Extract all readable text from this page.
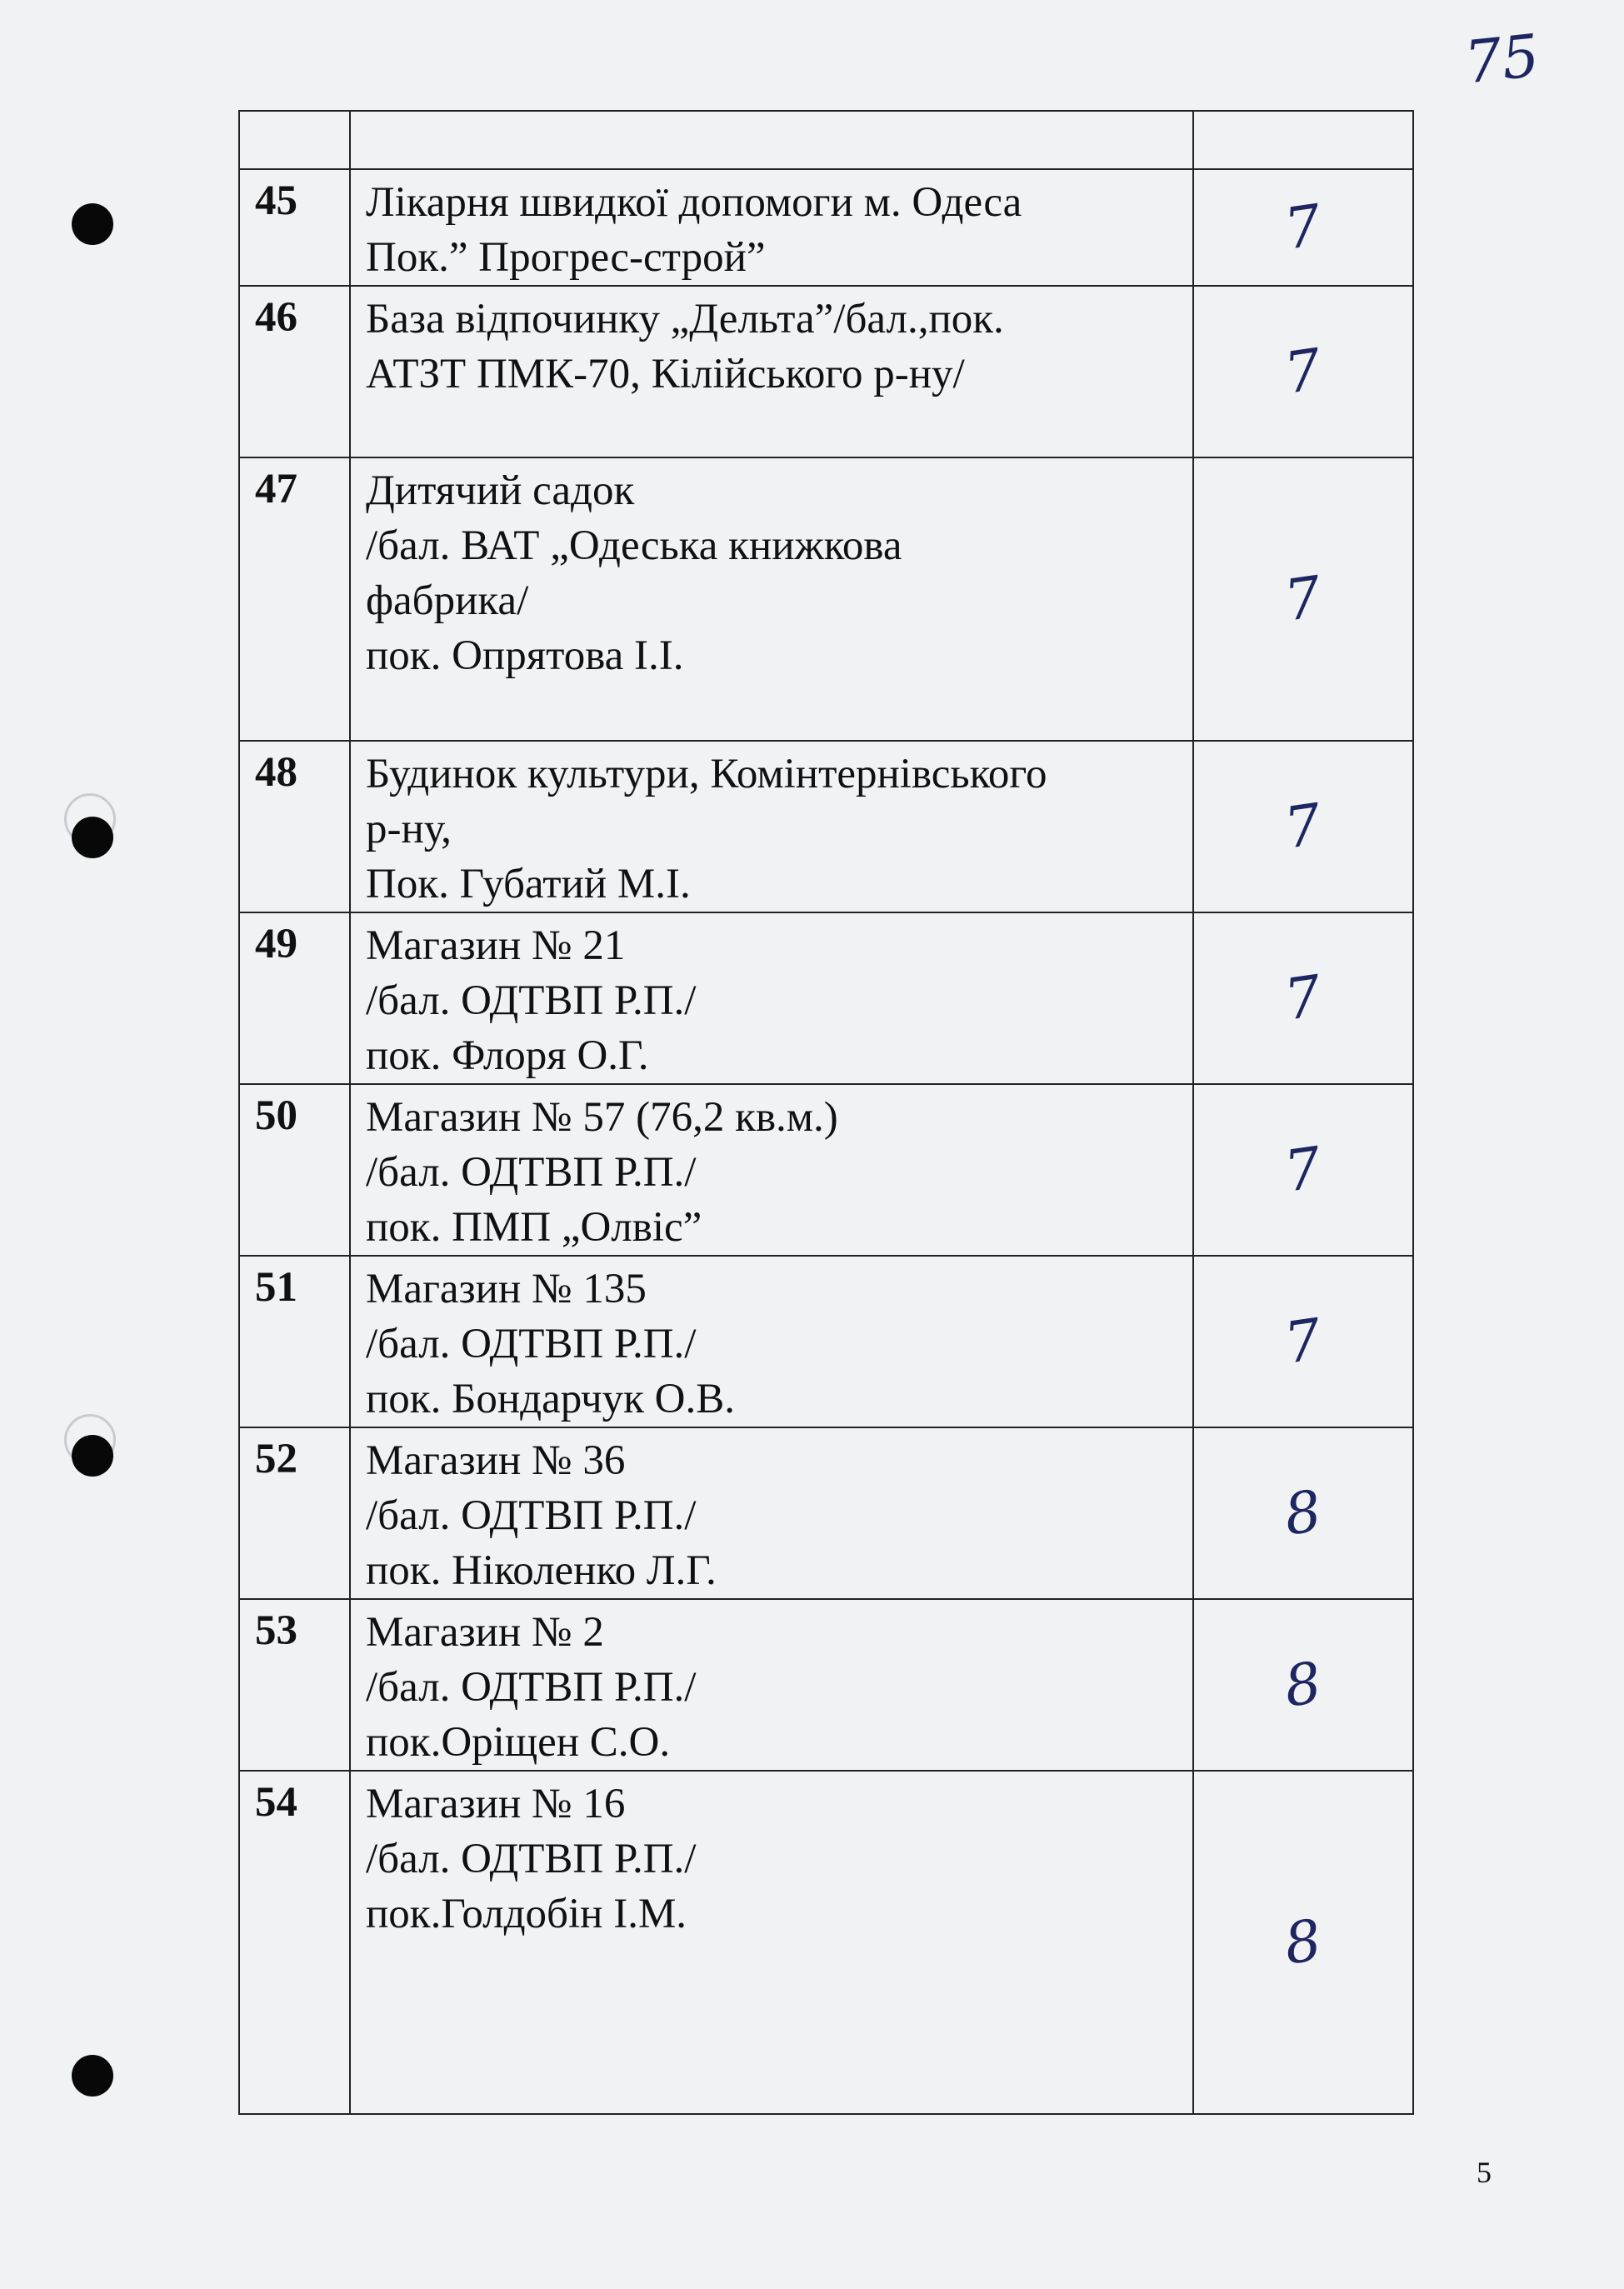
75

45	Лікарня швидкої допомоги м. Одеса
Пок.” Прогрес-строй”	7
46	База відпочинку „Дельта”/бал.,пок.
АТЗТ ПМК-70, Кілійського р-ну/	7
47	Дитячий садок
/бал. ВАТ „Одеська книжкова
фабрика/
пок. Опрятова І.І.	7
48	Будинок культури, Комінтернівського
р-ну,
Пок. Губатий М.І.	7
49	Магазин № 21
/бал. ОДТВП Р.П./
пок. Флоря О.Г.	7
50	Магазин № 57 (76,2 кв.м.)
/бал. ОДТВП Р.П./
пок. ПМП „Олвіс”	7
51	Магазин № 135
/бал. ОДТВП Р.П./
пок. Бондарчук О.В.	7
52	Магазин № 36
/бал. ОДТВП Р.П./
пок. Ніколенко Л.Г.	8
53	Магазин № 2
/бал. ОДТВП Р.П./
пок.Оріщен С.О.	8
54	Магазин № 16
/бал. ОДТВП Р.П./
пок.Голдобін І.М.	8
5
